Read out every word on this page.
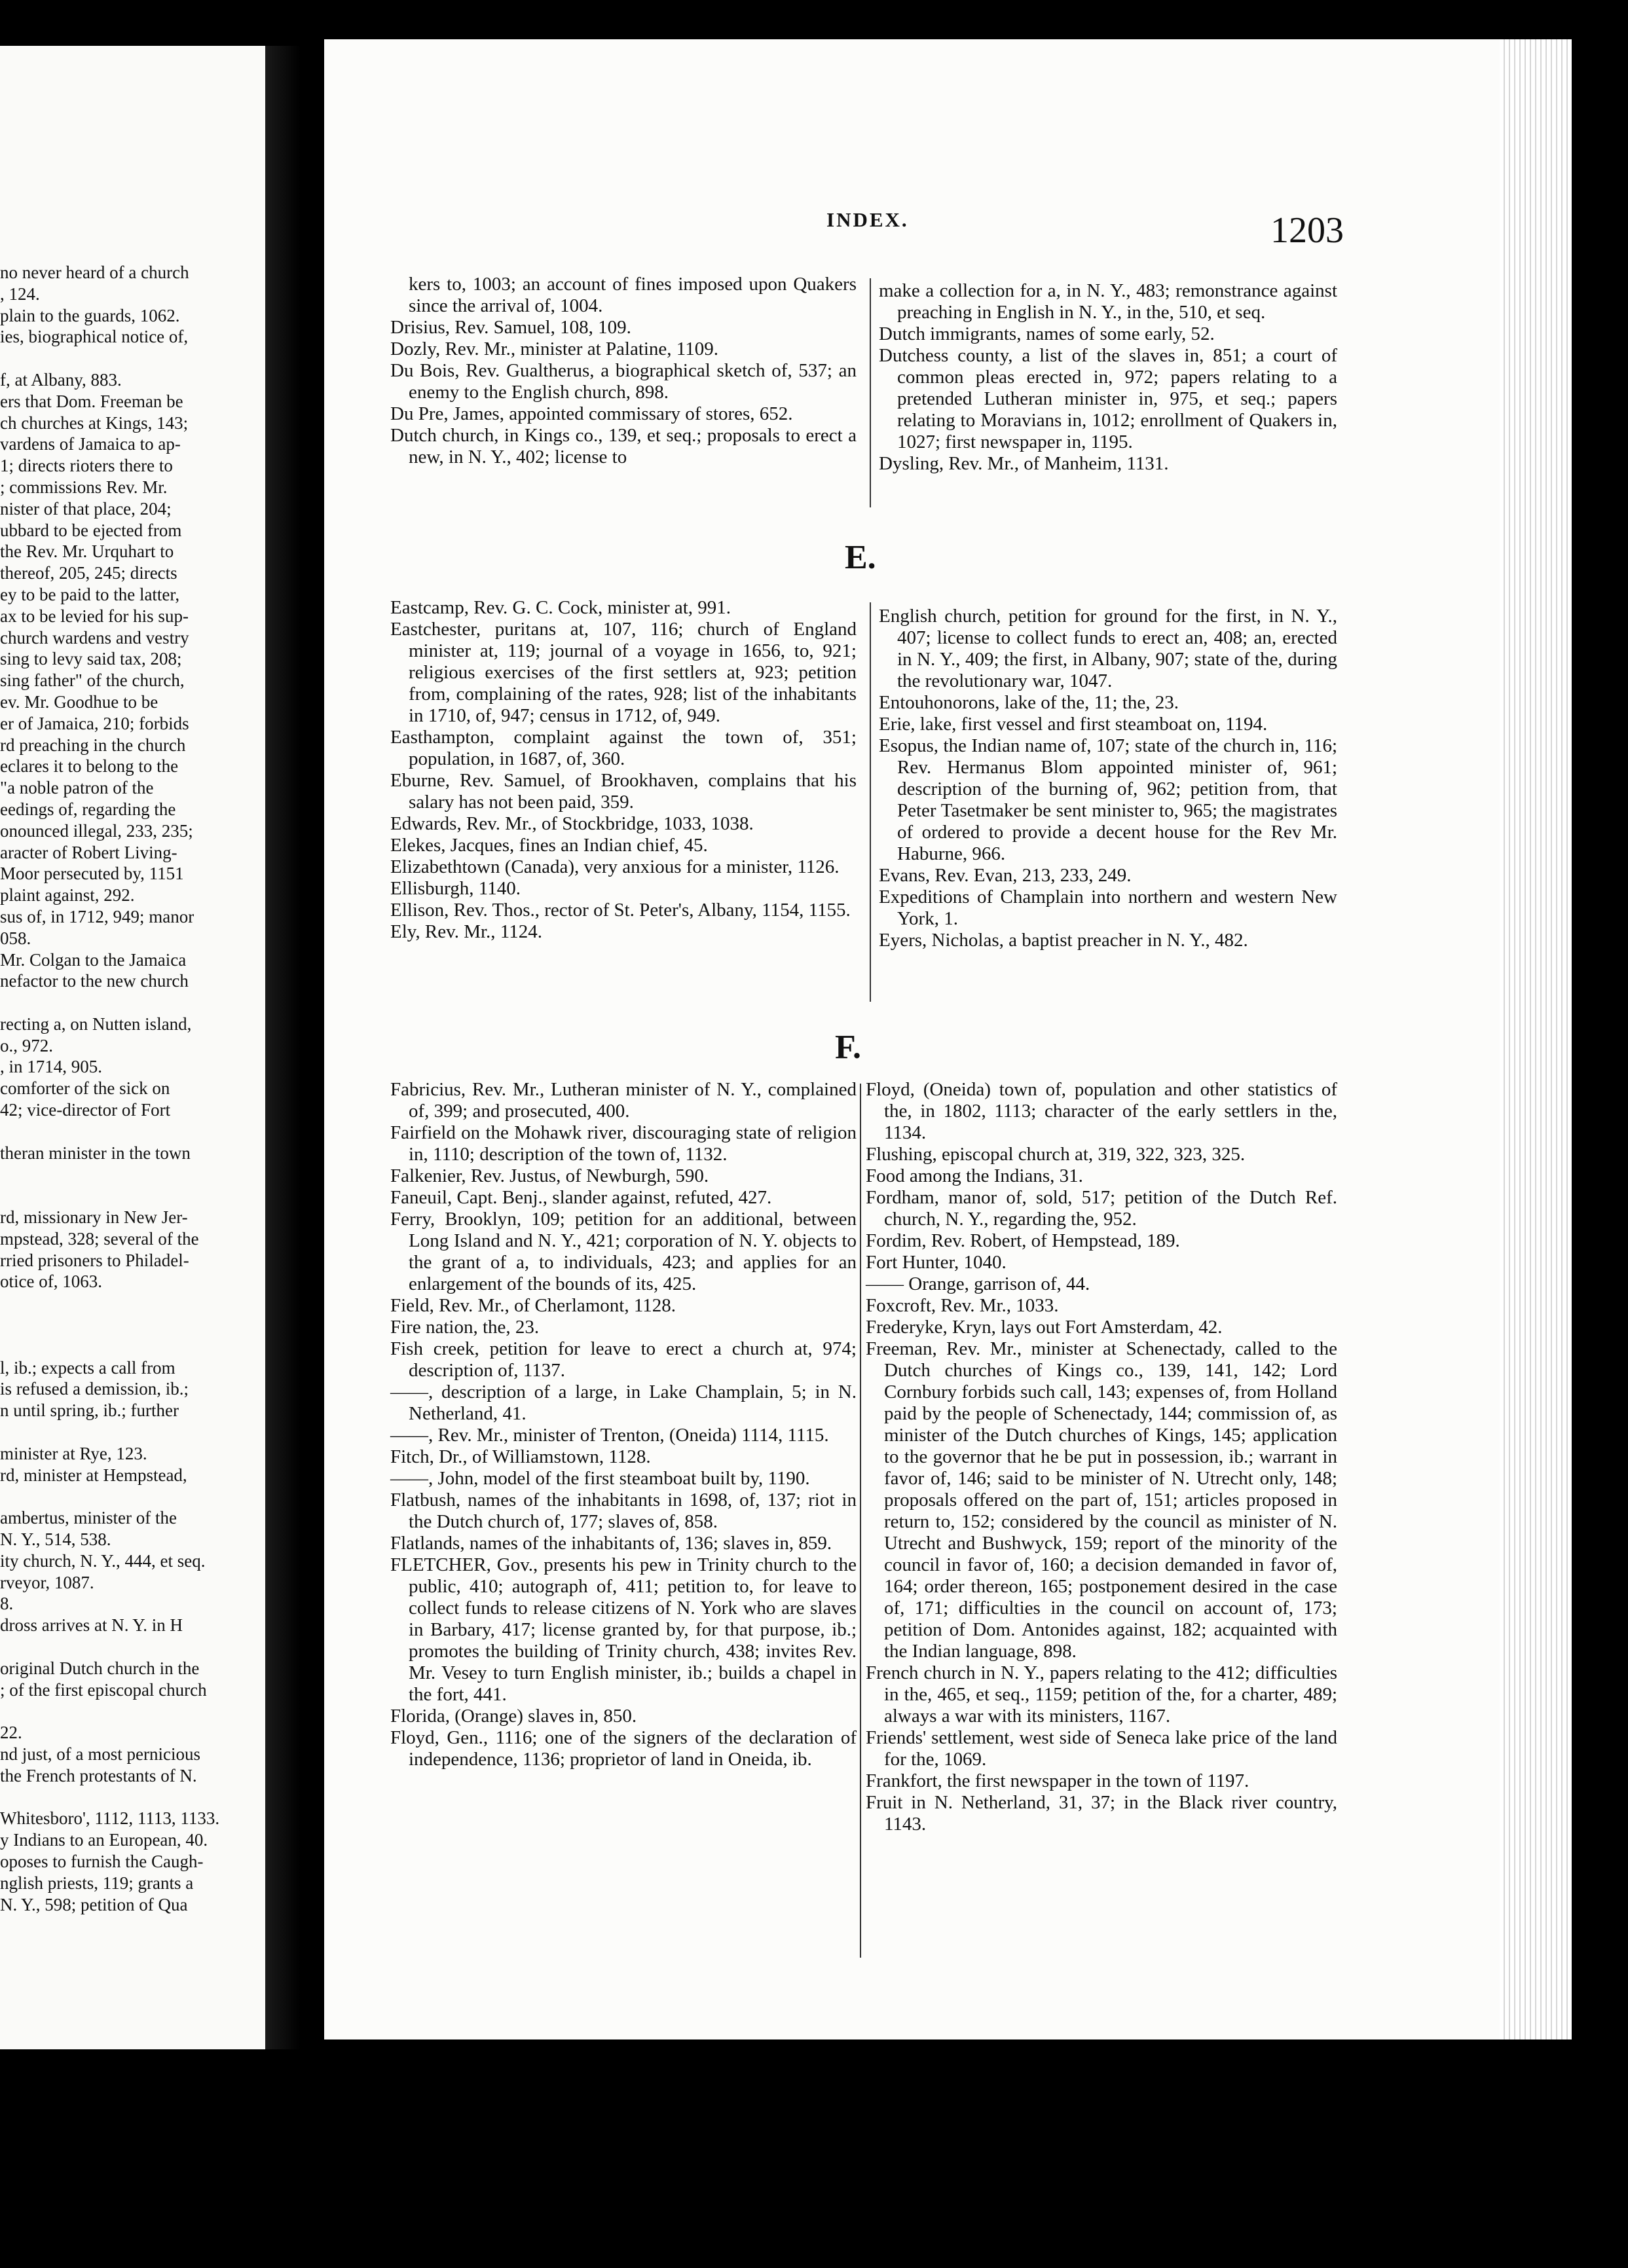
no never heard of a church
, 124.
plain to the guards, 1062.
ies, biographical notice of,
f, at Albany, 883.
ers that Dom. Freeman be
ch churches at Kings, 143;
vardens of Jamaica to ap-
1; directs rioters there to
; commissions Rev. Mr.
nister of that place, 204;
ubbard to be ejected from
the Rev. Mr. Urquhart to
thereof, 205, 245; directs
ey to be paid to the latter,
ax to be levied for his sup-
church wardens and vestry
sing to levy said tax, 208;
sing father" of the church,
ev. Mr. Goodhue to be
er of Jamaica, 210; forbids
rd preaching in the church
eclares it to belong to the
"a noble patron of the
eedings of, regarding the
onounced illegal, 233, 235;
aracter of Robert Living-
Moor persecuted by, 1151
plaint against, 292.
sus of, in 1712, 949; manor
058.
Mr. Colgan to the Jamaica
nefactor to the new church
recting a, on Nutten island,
o., 972.
, in 1714, 905.
comforter of the sick on
42; vice-director of Fort
theran minister in the town
rd, missionary in New Jer-
mpstead, 328; several of the
rried prisoners to Philadel-
otice of, 1063.
l, ib.; expects a call from
is refused a demission, ib.;
n until spring, ib.; further
minister at Rye, 123.
rd, minister at Hempstead,
ambertus, minister of the
N. Y., 514, 538.
ity church, N. Y., 444, et seq.
rveyor, 1087.
8.
dross arrives at N. Y. in H
original Dutch church in the
; of the first episcopal church
22.
nd just, of a most pernicious
the French protestants of N.
Whitesboro', 1112, 1113, 1133.
y Indians to an European, 40.
oposes to furnish the Caugh-
nglish priests, 119; grants a
N. Y., 598; petition of Qua
INDEX.	1203

kers to, 1003; an account of fines imposed upon Quakers since the arrival of, 1004.

Drisius, Rev. Samuel, 108, 109.

Dozly, Rev. Mr., minister at Palatine, 1109.

Du Bois, Rev. Gualtherus, a biographical sketch of, 537; an enemy to the English church, 898.

Du Pre, James, appointed commissary of stores, 652.

Dutch church, in Kings co., 139, et seq.; proposals to erect a new, in N. Y., 402; license to

make a collection for a, in N. Y., 483; remonstrance against preaching in English in N. Y., in the, 510, et seq.

Dutch immigrants, names of some early, 52.

Dutchess county, a list of the slaves in, 851; a court of common pleas erected in, 972; papers relating to a pretended Lutheran minister in, 975, et seq.; papers relating to Moravians in, 1012; enrollment of Quakers in, 1027; first newspaper in, 1195.

Dysling, Rev. Mr., of Manheim, 1131.

E.

Eastcamp, Rev. G. C. Cock, minister at, 991.

Eastchester, puritans at, 107, 116; church of England minister at, 119; journal of a voyage in 1656, to, 921; religious exercises of the first settlers at, 923; petition from, complaining of the rates, 928; list of the inhabitants in 1710, of, 947; census in 1712, of, 949.

Easthampton, complaint against the town of, 351; population, in 1687, of, 360.

Eburne, Rev. Samuel, of Brookhaven, complains that his salary has not been paid, 359.

Edwards, Rev. Mr., of Stockbridge, 1033, 1038.

Elekes, Jacques, fines an Indian chief, 45.

Elizabethtown (Canada), very anxious for a minister, 1126.

Ellisburgh, 1140.

Ellison, Rev. Thos., rector of St. Peter's, Albany, 1154, 1155.

Ely, Rev. Mr., 1124.

English church, petition for ground for the first, in N. Y., 407; license to collect funds to erect an, 408; an, erected in N. Y., 409; the first, in Albany, 907; state of the, during the revolutionary war, 1047.

Entouhonorons, lake of the, 11; the, 23.

Erie, lake, first vessel and first steamboat on, 1194.

Esopus, the Indian name of, 107; state of the church in, 116; Rev. Hermanus Blom appointed minister of, 961; description of the burning of, 962; petition from, that Peter Tasetmaker be sent minister to, 965; the magistrates of ordered to provide a decent house for the Rev Mr. Haburne, 966.

Evans, Rev. Evan, 213, 233, 249.

Expeditions of Champlain into northern and western New York, 1.

Eyers, Nicholas, a baptist preacher in N. Y., 482.

F.

Fabricius, Rev. Mr., Lutheran minister of N. Y., complained of, 399; and prosecuted, 400.

Fairfield on the Mohawk river, discouraging state of religion in, 1110; description of the town of, 1132.

Falkenier, Rev. Justus, of Newburgh, 590.

Faneuil, Capt. Benj., slander against, refuted, 427.

Ferry, Brooklyn, 109; petition for an additional, between Long Island and N. Y., 421; corporation of N. Y. objects to the grant of a, to individuals, 423; and applies for an enlargement of the bounds of its, 425.

Field, Rev. Mr., of Cherlamont, 1128.

Fire nation, the, 23.

Fish creek, petition for leave to erect a church at, 974; description of, 1137.

——, description of a large, in Lake Champlain, 5; in N. Netherland, 41.

——, Rev. Mr., minister of Trenton, (Oneida) 1114, 1115.

Fitch, Dr., of Williamstown, 1128.

——, John, model of the first steamboat built by, 1190.

Flatbush, names of the inhabitants in 1698, of, 137; riot in the Dutch church of, 177; slaves of, 858.

Flatlands, names of the inhabitants of, 136; slaves in, 859.

FLETCHER, Gov., presents his pew in Trinity church to the public, 410; autograph of, 411; petition to, for leave to collect funds to release citizens of N. York who are slaves in Barbary, 417; license granted by, for that purpose, ib.; promotes the building of Trinity church, 438; invites Rev. Mr. Vesey to turn English minister, ib.; builds a chapel in the fort, 441.

Florida, (Orange) slaves in, 850.

Floyd, Gen., 1116; one of the signers of the declaration of independence, 1136; proprietor of land in Oneida, ib.

Floyd, (Oneida) town of, population and other statistics of the, in 1802, 1113; character of the early settlers in the, 1134.

Flushing, episcopal church at, 319, 322, 323, 325.

Food among the Indians, 31.

Fordham, manor of, sold, 517; petition of the Dutch Ref. church, N. Y., regarding the, 952.

Fordim, Rev. Robert, of Hempstead, 189.

Fort Hunter, 1040.

—— Orange, garrison of, 44.

Foxcroft, Rev. Mr., 1033.

Frederyke, Kryn, lays out Fort Amsterdam, 42.

Freeman, Rev. Mr., minister at Schenectady, called to the Dutch churches of Kings co., 139, 141, 142; Lord Cornbury forbids such call, 143; expenses of, from Holland paid by the people of Schenectady, 144; commission of, as minister of the Dutch churches of Kings, 145; application to the governor that he be put in possession, ib.; warrant in favor of, 146; said to be minister of N. Utrecht only, 148; proposals offered on the part of, 151; articles proposed in return to, 152; considered by the council as minister of N. Utrecht and Bushwyck, 159; report of the minority of the council in favor of, 160; a decision demanded in favor of, 164; order thereon, 165; postponement desired in the case of, 171; difficulties in the council on account of, 173; petition of Dom. Antonides against, 182; acquainted with the Indian language, 898.

French church in N. Y., papers relating to the 412; difficulties in the, 465, et seq., 1159; petition of the, for a charter, 489; always a war with its ministers, 1167.

Friends' settlement, west side of Seneca lake price of the land for the, 1069.

Frankfort, the first newspaper in the town of 1197.

Fruit in N. Netherland, 31, 37; in the Black river country, 1143.
